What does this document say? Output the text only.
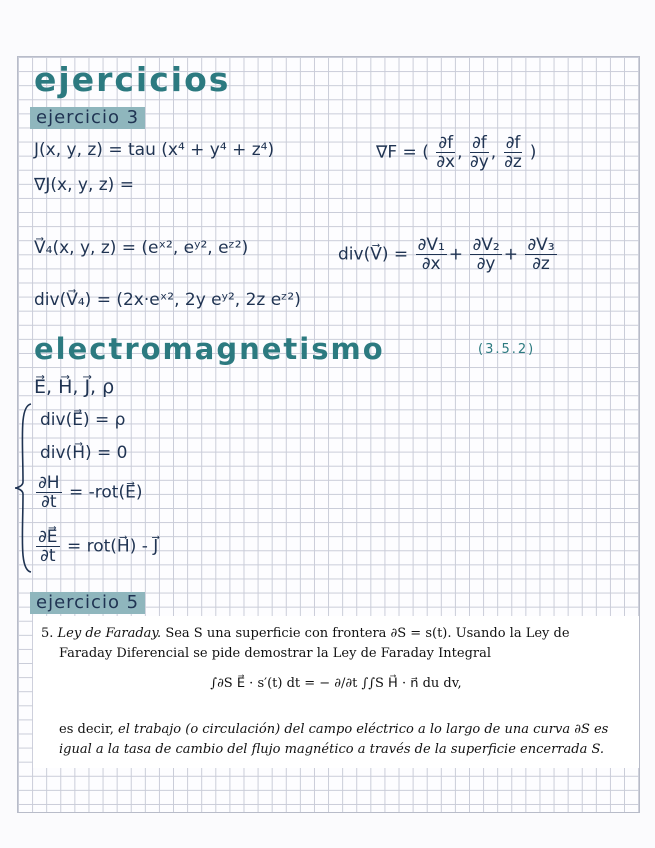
ejercicios
ejercicio 3
J(x, y, z) = tau (x⁴ + y⁴ + z⁴)	∇F = ( $\frac{\partial f}{\partial x}$ , $\frac{\partial f}{\partial y}$ , $\frac{\partial f}{\partial z}$ )
∇J(x, y, z) =
V⃗₄(x, y, z) = (eˣ², eʸ², eᶻ²)	div(V⃗) = $\frac{\text{∂V₁}}{\partial x} + \frac{\text{∂V₂}}{\partial y} + \frac{\text{∂V₃}}{\partial z}$
div(V⃗₄) = (2x·eˣ², 2y eʸ², 2z eᶻ²)
electromagnetismo	(3.5.2)
E⃗, H⃗, J⃗, ρ
div(E⃗) = ρ
div(H⃗) = 0
$\frac{\partial H}{\partial t}$ = -rot(E⃗)
$\frac{\partial E⃗}{\partial t}$ = rot(H⃗) - J⃗
ejercicio 5
5. Ley de Faraday. Sea S una superficie con frontera ∂S = s(t). Usando la Ley de
Faraday Diferencial se pide demostrar la Ley de Faraday Integral
∫∂S E⃗ · s′(t) dt = − ∂/∂t ∫∫S H⃗ · n⃗ du dv,
es decir, el trabajo (o circulación) del campo eléctrico a lo largo de una curva ∂S es
igual a la tasa de cambio del flujo magnético a través de la superficie encerrada S.
